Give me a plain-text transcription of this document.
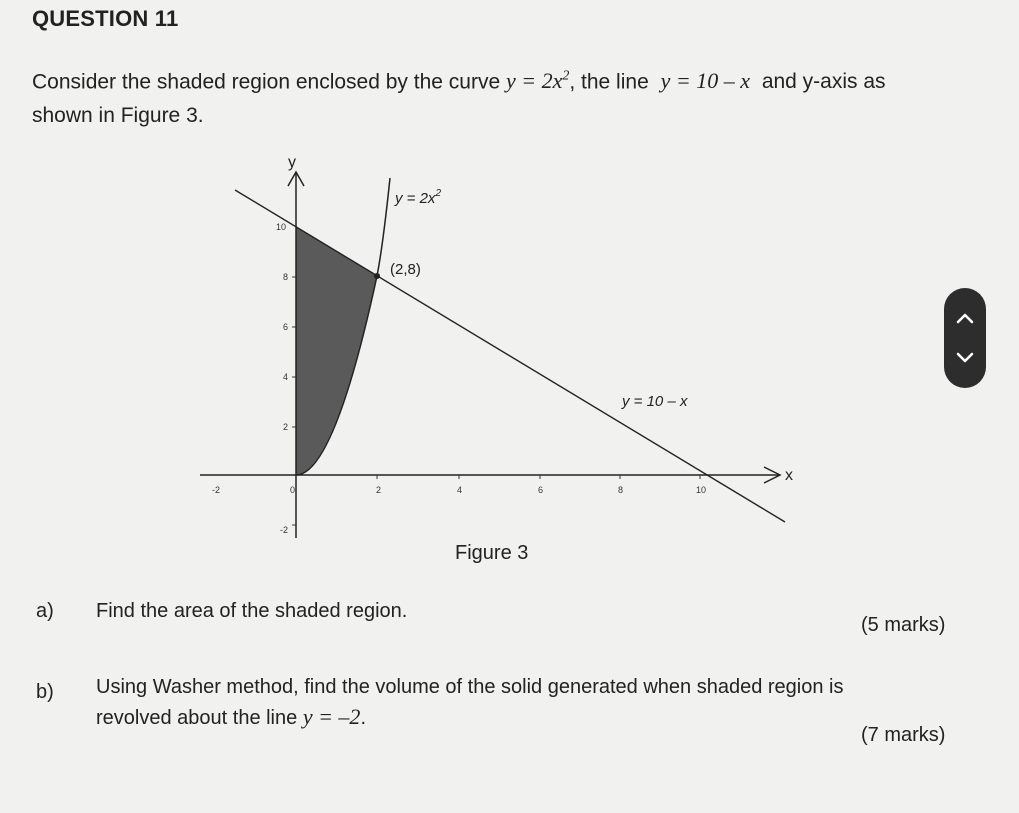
QUESTION 11
Consider the shaded region enclosed by the curve $y = 2x^2$, the line y = 10 – x and y-axis as
shown in Figure 3.
-2	0	2	4	6	8	10
10
8
6
4
2
-2
y
x
$y = 2x^2$
(2,8)
y = 10 – x
Figure 3
a) Find the area of the shaded region.
(5 marks)
b) Using Washer method, find the volume of the solid generated when shaded region is
revolved about the line y = –2.
(7 marks)
